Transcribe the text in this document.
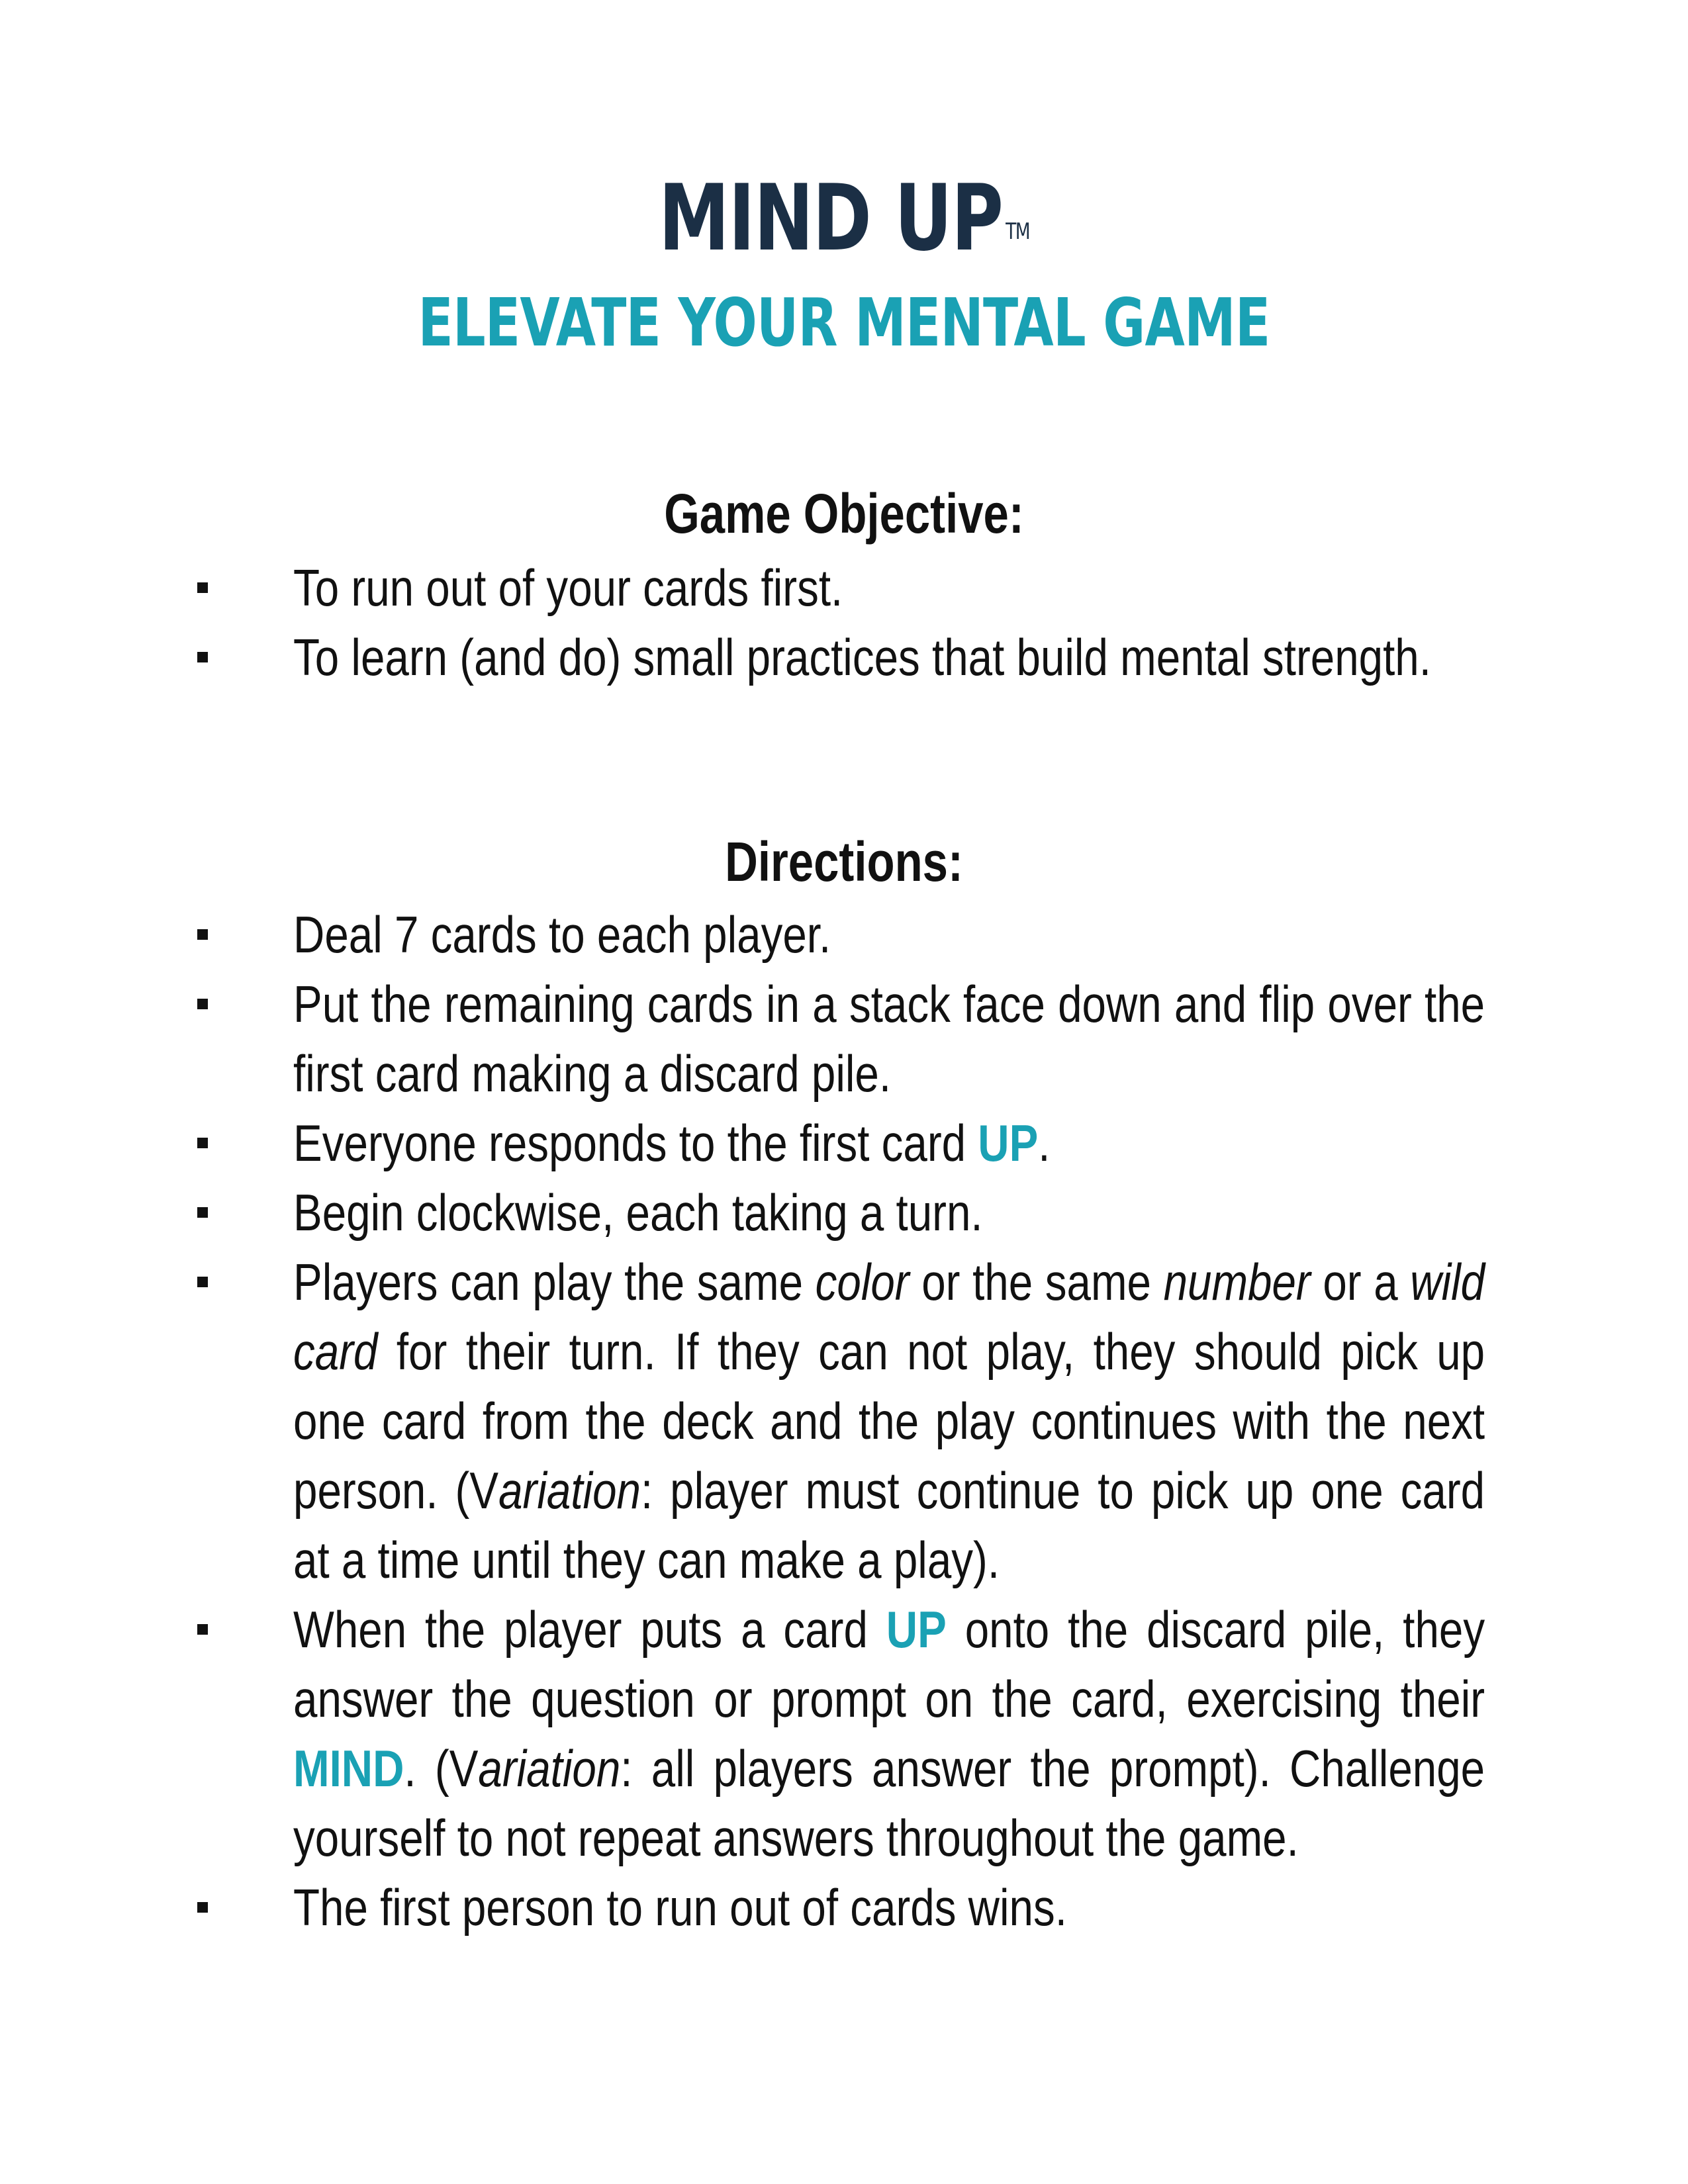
MIND UP ™
ELEVATE YOUR MENTAL GAME
Game Objective:
To run out of your cards first.
To learn (and do) small practices that build mental strength.
Directions:
Deal 7 cards to each player.
Put the remaining cards in a stack face down and flip over the first card making a discard pile.
Everyone responds to the first card UP.
Begin clockwise, each taking a turn.
Players can play the same color or the same number or a wild card for their turn. If they can not play, they should pick up one card from the deck and the play continues with the next person. (Variation: player must continue to pick up one card at a time until they can make a play).
When the player puts a card UP onto the discard pile, they answer the question or prompt on the card, exercising their MIND. (Variation: all players answer the prompt). Challenge yourself to not repeat answers throughout the game.
The first person to run out of cards wins.
